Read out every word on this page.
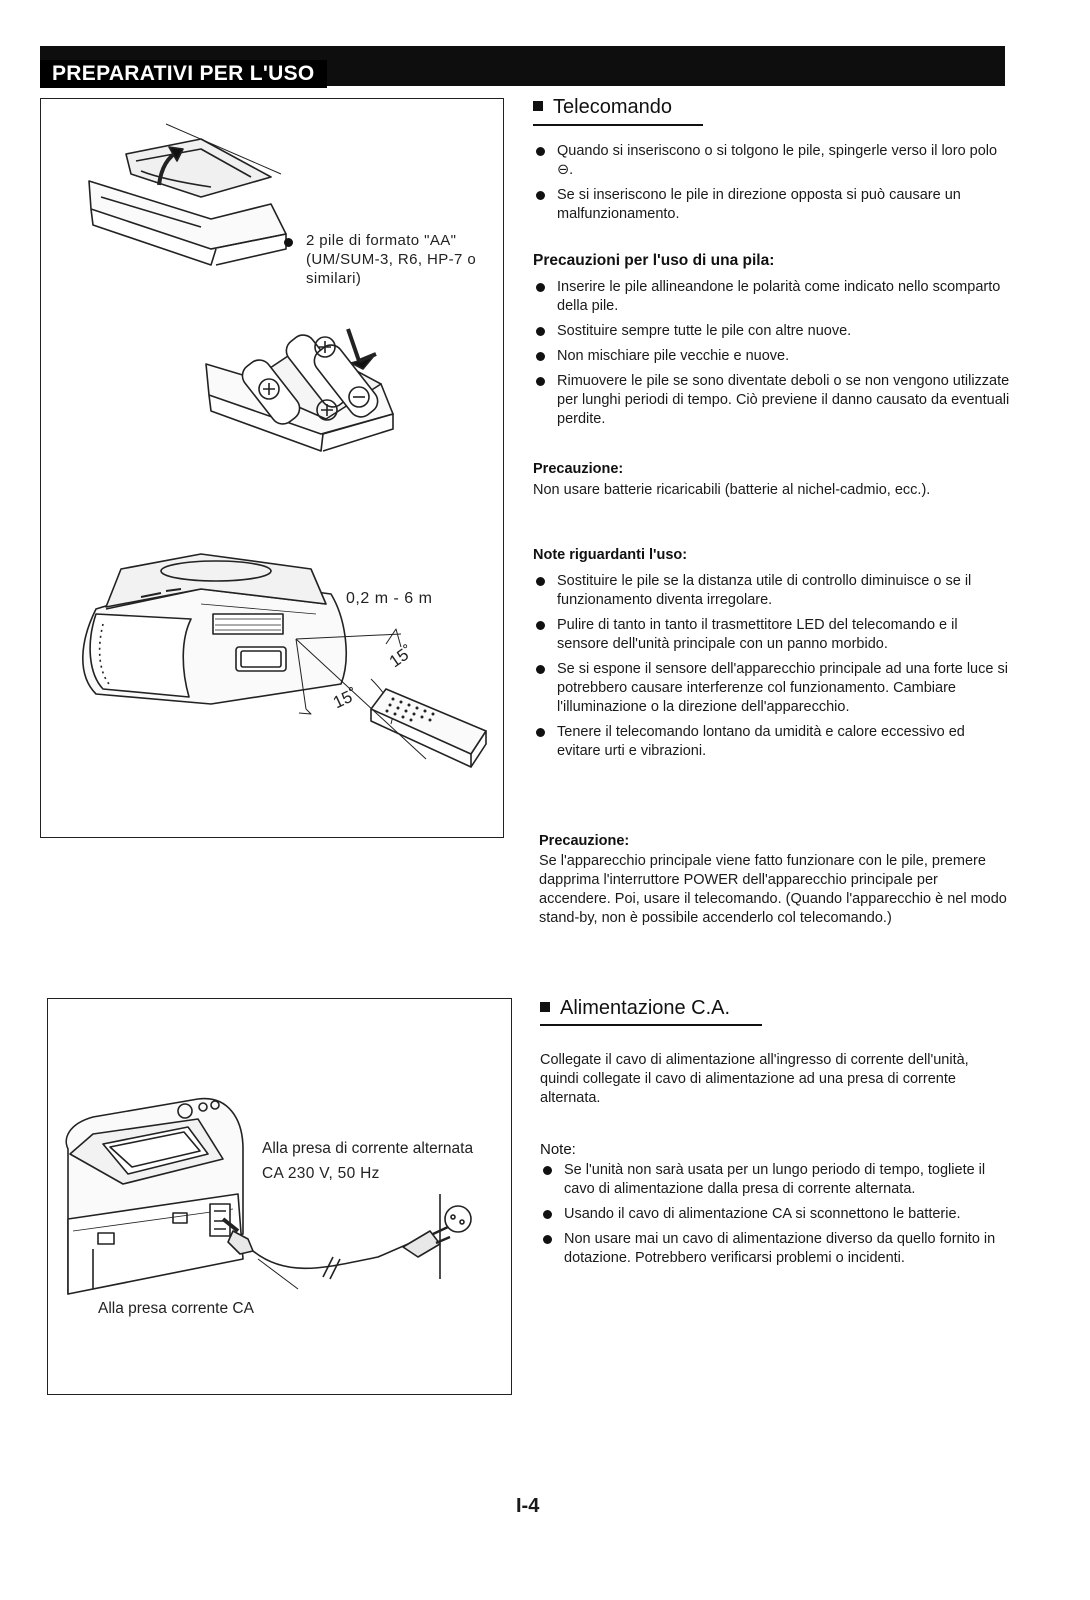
PREPARATIVI PER L'USO
2 pile di formato "AA" (UM/SUM-3, R6, HP-7 o similari)
0,2 m - 6 m
15˚
15˚
Alla presa di corrente alternata
CA 230 V, 50 Hz
Alla presa corrente CA
Telecomando
Quando si inseriscono o si tolgono le pile, spingerle verso il loro polo ⊖.
Se si inseriscono le pile in direzione opposta si può causare un malfunzionamento.
Precauzioni per l'uso di una pila:
Inserire le pile allineandone le polarità come indicato nello scomparto della pile.
Sostituire sempre tutte le pile con altre nuove.
Non mischiare pile vecchie e nuove.
Rimuovere le pile se sono diventate deboli o se non vengono utilizzate per lunghi periodi di tempo. Ciò previene il danno causato da eventuali perdite.
Precauzione:
Non usare batterie ricaricabili (batterie al nichel-cadmio, ecc.).
Note riguardanti l'uso:
Sostituire le pile se la distanza utile di controllo diminuisce o se il funzionamento diventa irregolare.
Pulire di tanto in tanto il trasmettitore LED del telecomando e il sensore dell'unità principale con un panno morbido.
Se si espone il sensore dell'apparecchio principale ad una forte luce si potrebbero causare interferenze col funzionamento. Cambiare l'illuminazione o la direzione dell'apparecchio.
Tenere il telecomando lontano da umidità e calore eccessivo ed evitare urti e vibrazioni.
Precauzione:
Se l'apparecchio principale viene fatto funzionare con le pile, premere dapprima l'interruttore POWER dell'apparecchio principale per accendere. Poi, usare il telecomando. (Quando l'apparecchio è nel modo stand-by, non è possibile accenderlo col telecomando.)
Alimentazione C.A.
Collegate il cavo di alimentazione all'ingresso di corrente dell'unità, quindi collegate il cavo di alimentazione ad una presa di corrente alternata.
Note:
Se l'unità non sarà usata per un lungo periodo di tempo, togliete il cavo di alimentazione dalla presa di corrente alternata.
Usando il cavo di alimentazione CA si sconnettono le batterie.
Non usare mai un cavo di alimentazione diverso da quello fornito in dotazione. Potrebbero verificarsi problemi o incidenti.
I-4
